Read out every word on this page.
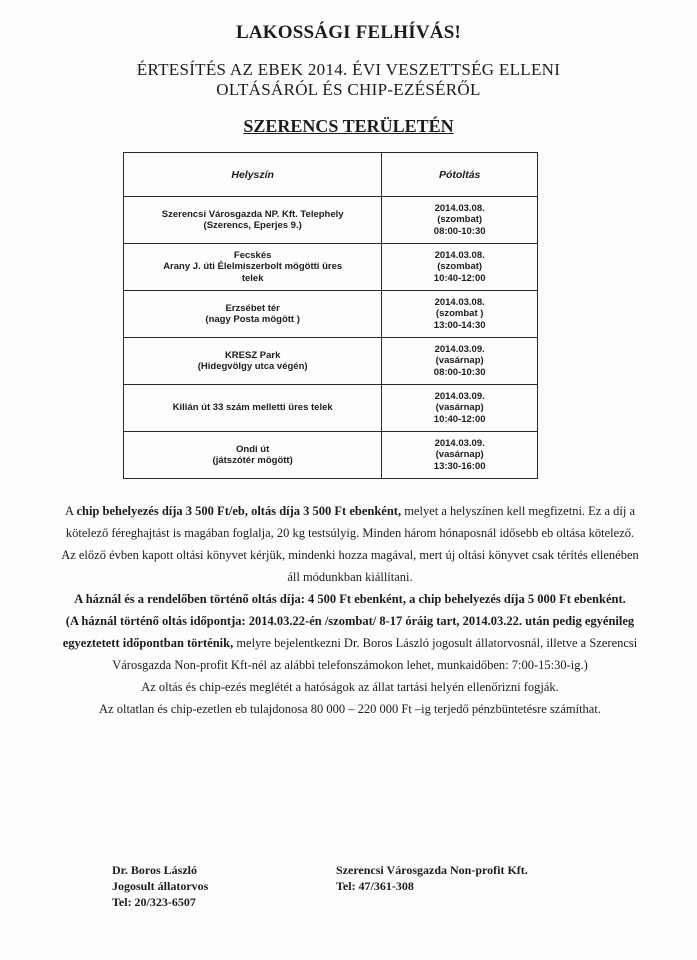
LAKOSSÁGI FELHÍVÁS!
ÉRTESÍTÉS AZ EBEK 2014. ÉVI VESZETTSÉG ELLENI
OLTÁSÁRÓL ÉS CHIP-EZÉSÉRŐL
SZERENCS TERÜLETÉN
Helyszín	Pótoltás

Szerencsi Városgazda NP. Kft. Telephely
(Szerencs, Eperjes 9.)	2014.03.08.
(szombat)
08:00-10:30

Fecskés
Arany J. úti Élelmiszerbolt mögötti üres
telek	2014.03.08.
(szombat)
10:40-12:00

Erzsébet tér
(nagy Posta mögött )	2014.03.08.
(szombat )
13:00-14:30

KRESZ Park
(Hidegvölgy utca végén)	2014.03.09.
(vasárnap)
08:00-10:30

Kilián út 33 szám melletti üres telek	2014.03.09.
(vasárnap)
10:40-12:00

Ondi út
(játszótér mögött)	2014.03.09.
(vasárnap)
13:30-16:00

A chip behelyezés díja 3 500 Ft/eb, oltás díja 3 500 Ft ebenként, melyet a helyszínen kell megfizetni. Ez a díj a kötelező féreghajtást is magában foglalja, 20 kg testsúlyig. Minden három hónaposnál idősebb eb oltása kötelező.

Az előző évben kapott oltási könyvet kérjük, mindenki hozza magával, mert új oltási könyvet csak térítés ellenében áll módunkban kiállítani.

A háznál és a rendelőben történő oltás díja: 4 500 Ft ebenként, a chip behelyezés díja 5 000 Ft ebenként.

(A háznál történő oltás időpontja: 2014.03.22-én /szombat/ 8-17 óráig tart, 2014.03.22. után pedig egyénileg egyeztetett időpontban történik, melyre bejelentkezni Dr. Boros László jogosult állatorvosnál, illetve a Szerencsi Városgazda Non-profit Kft-nél az alábbi telefonszámokon lehet, munkaidőben: 7:00-15:30-ig.)

Az oltás és chip-ezés meglétét a hatóságok az állat tartási helyén ellenőrizni fogják.

Az oltatlan és chip-ezetlen eb tulajdonosa 80 000 – 220 000 Ft –ig terjedő pénzbüntetésre számíthat.

Dr. Boros László
Jogosult állatorvos
Tel: 20/323-6507
Szerencsi Városgazda Non-profit Kft.
Tel: 47/361-308
